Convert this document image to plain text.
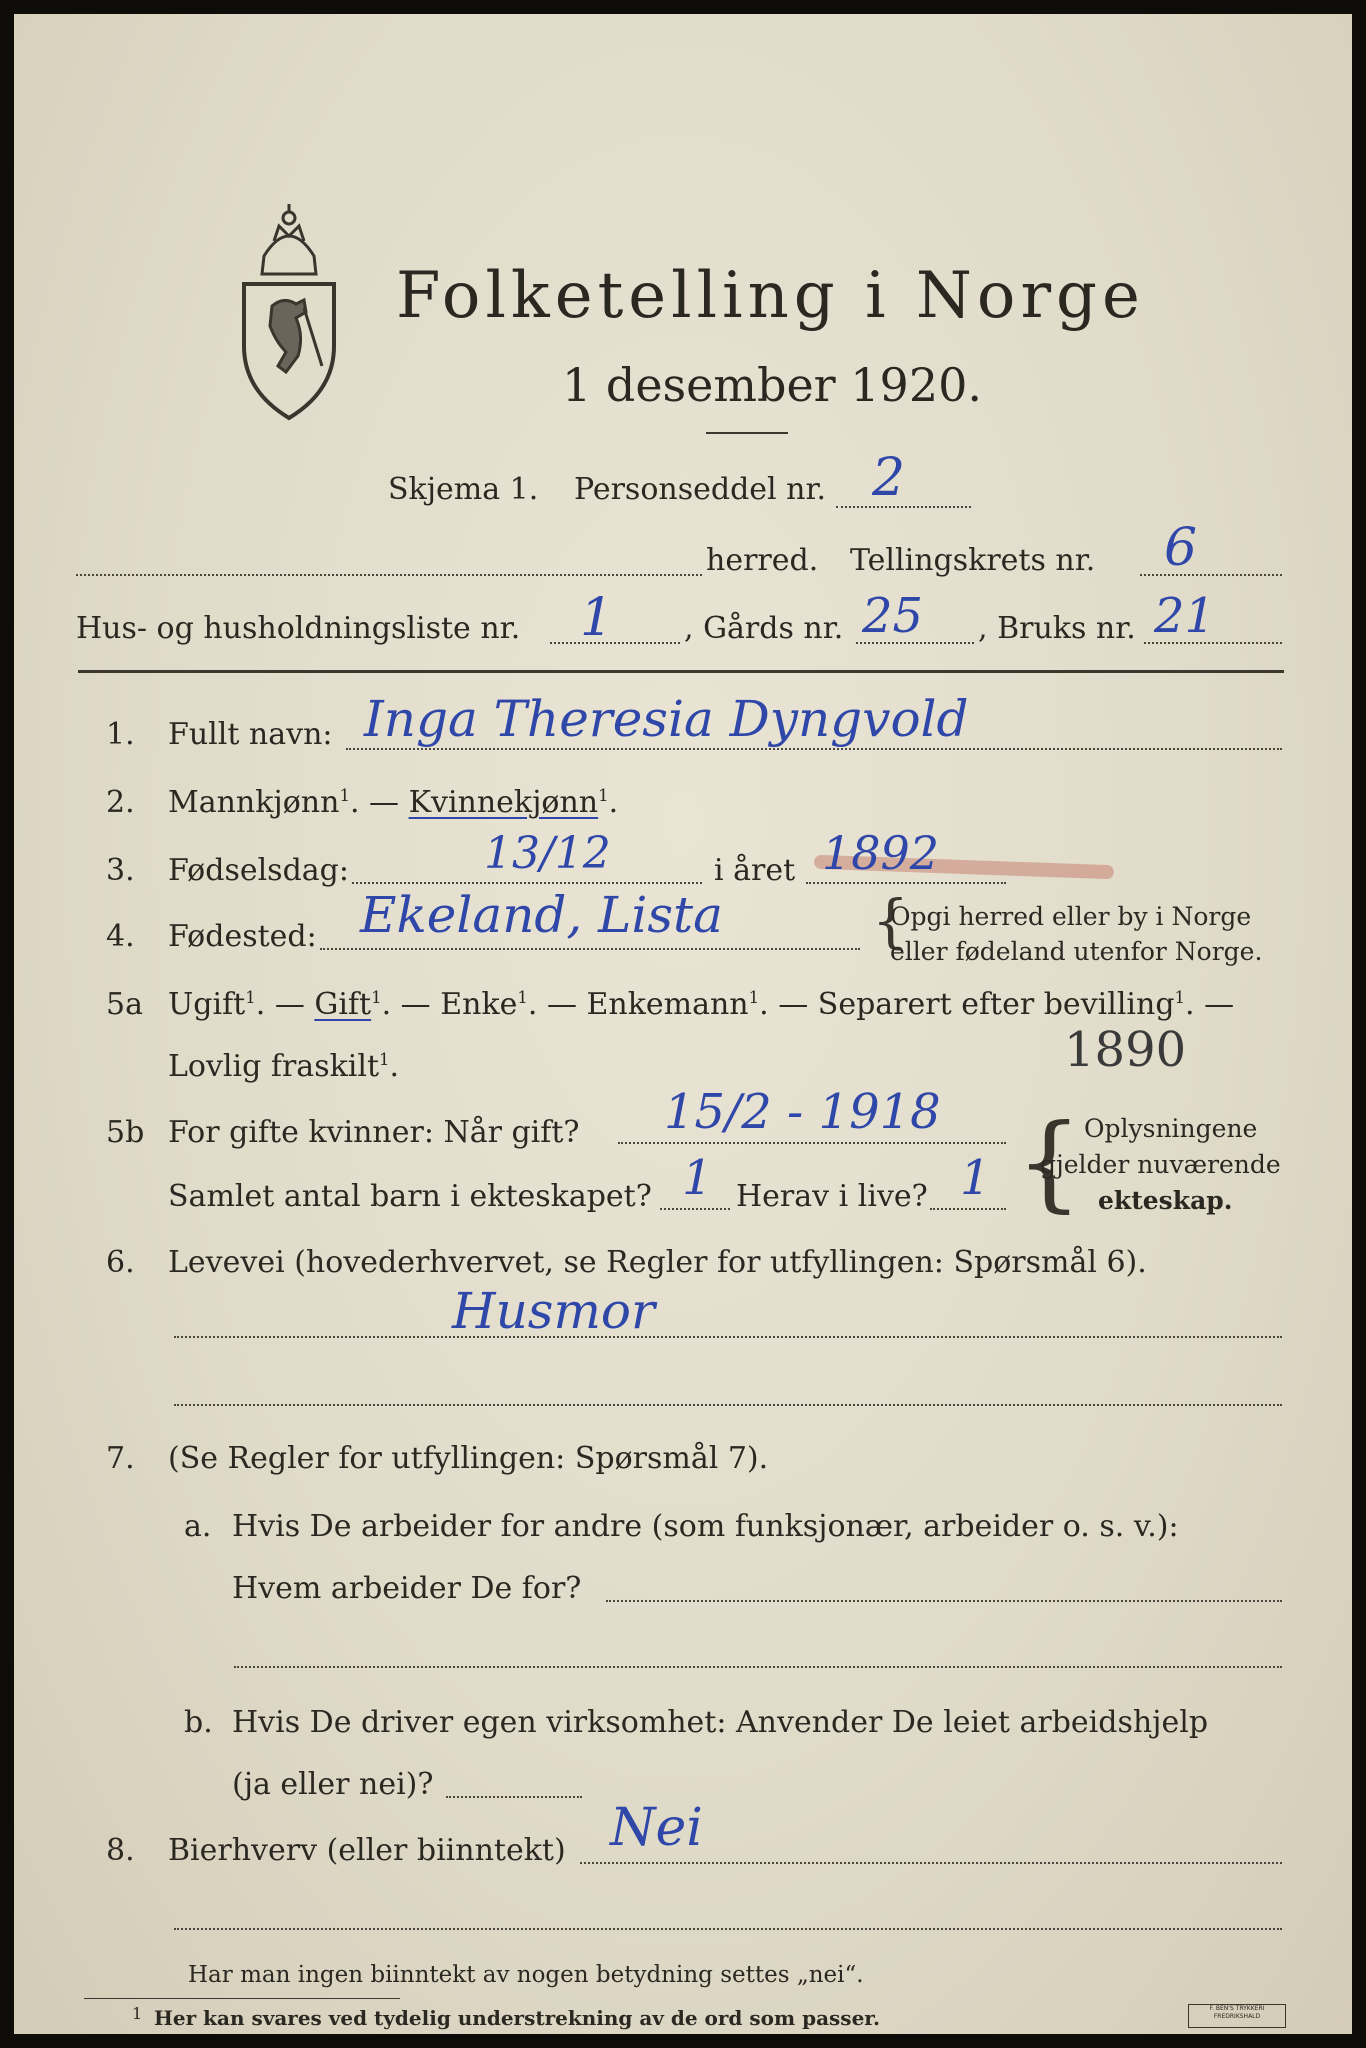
Folketelling i Norge
1 desember 1920.
Skjema 1. Personseddel nr. 2
herred. Tellingskrets nr. 6
Hus- og husholdningsliste nr. 1 , Gårds nr. 25 , Bruks nr. 21
1. Fullt navn: Inga Theresia Dyngvold
2. Mannkjønn$^1$. — Kvinnekjønn$^1$.
3. Fødselsdag:	13/12	i året 1892
4. Fødested: Ekeland, Lista	{
Opgi herred eller by i Norge
eller fødeland utenfor Norge.
5a Ugift$^1$. — Gift$^1$. — Enke$^1$. — Enkemann$^1$. — Separert efter bevilling$^1$. —
Lovlig fraskilt$^1$.	1890
5b For gifte kvinner: Når gift? 15/2 - 1918
Samlet antal barn i ekteskapet? 1 Herav i live? 1 { Oplysningene
gjelder nuværende
ekteskap.
6. Levevei (hovederhvervet, se Regler for utfyllingen: Spørsmål 6).
Husmor
7. (Se Regler for utfyllingen: Spørsmål 7).
a. Hvis De arbeider for andre (som funksjonær, arbeider o. s. v.):
Hvem arbeider De for?
b. Hvis De driver egen virksomhet: Anvender De leiet arbeidshjelp
(ja eller nei)?
8. Bierhverv (eller biinntekt) Nei
Har man ingen biinntekt av nogen betydning settes „nei“.
1 Her kan svares ved tydelig understrekning av de ord som passer.	F. BEN'S TRYKKERI
FREDRIKSHALD
